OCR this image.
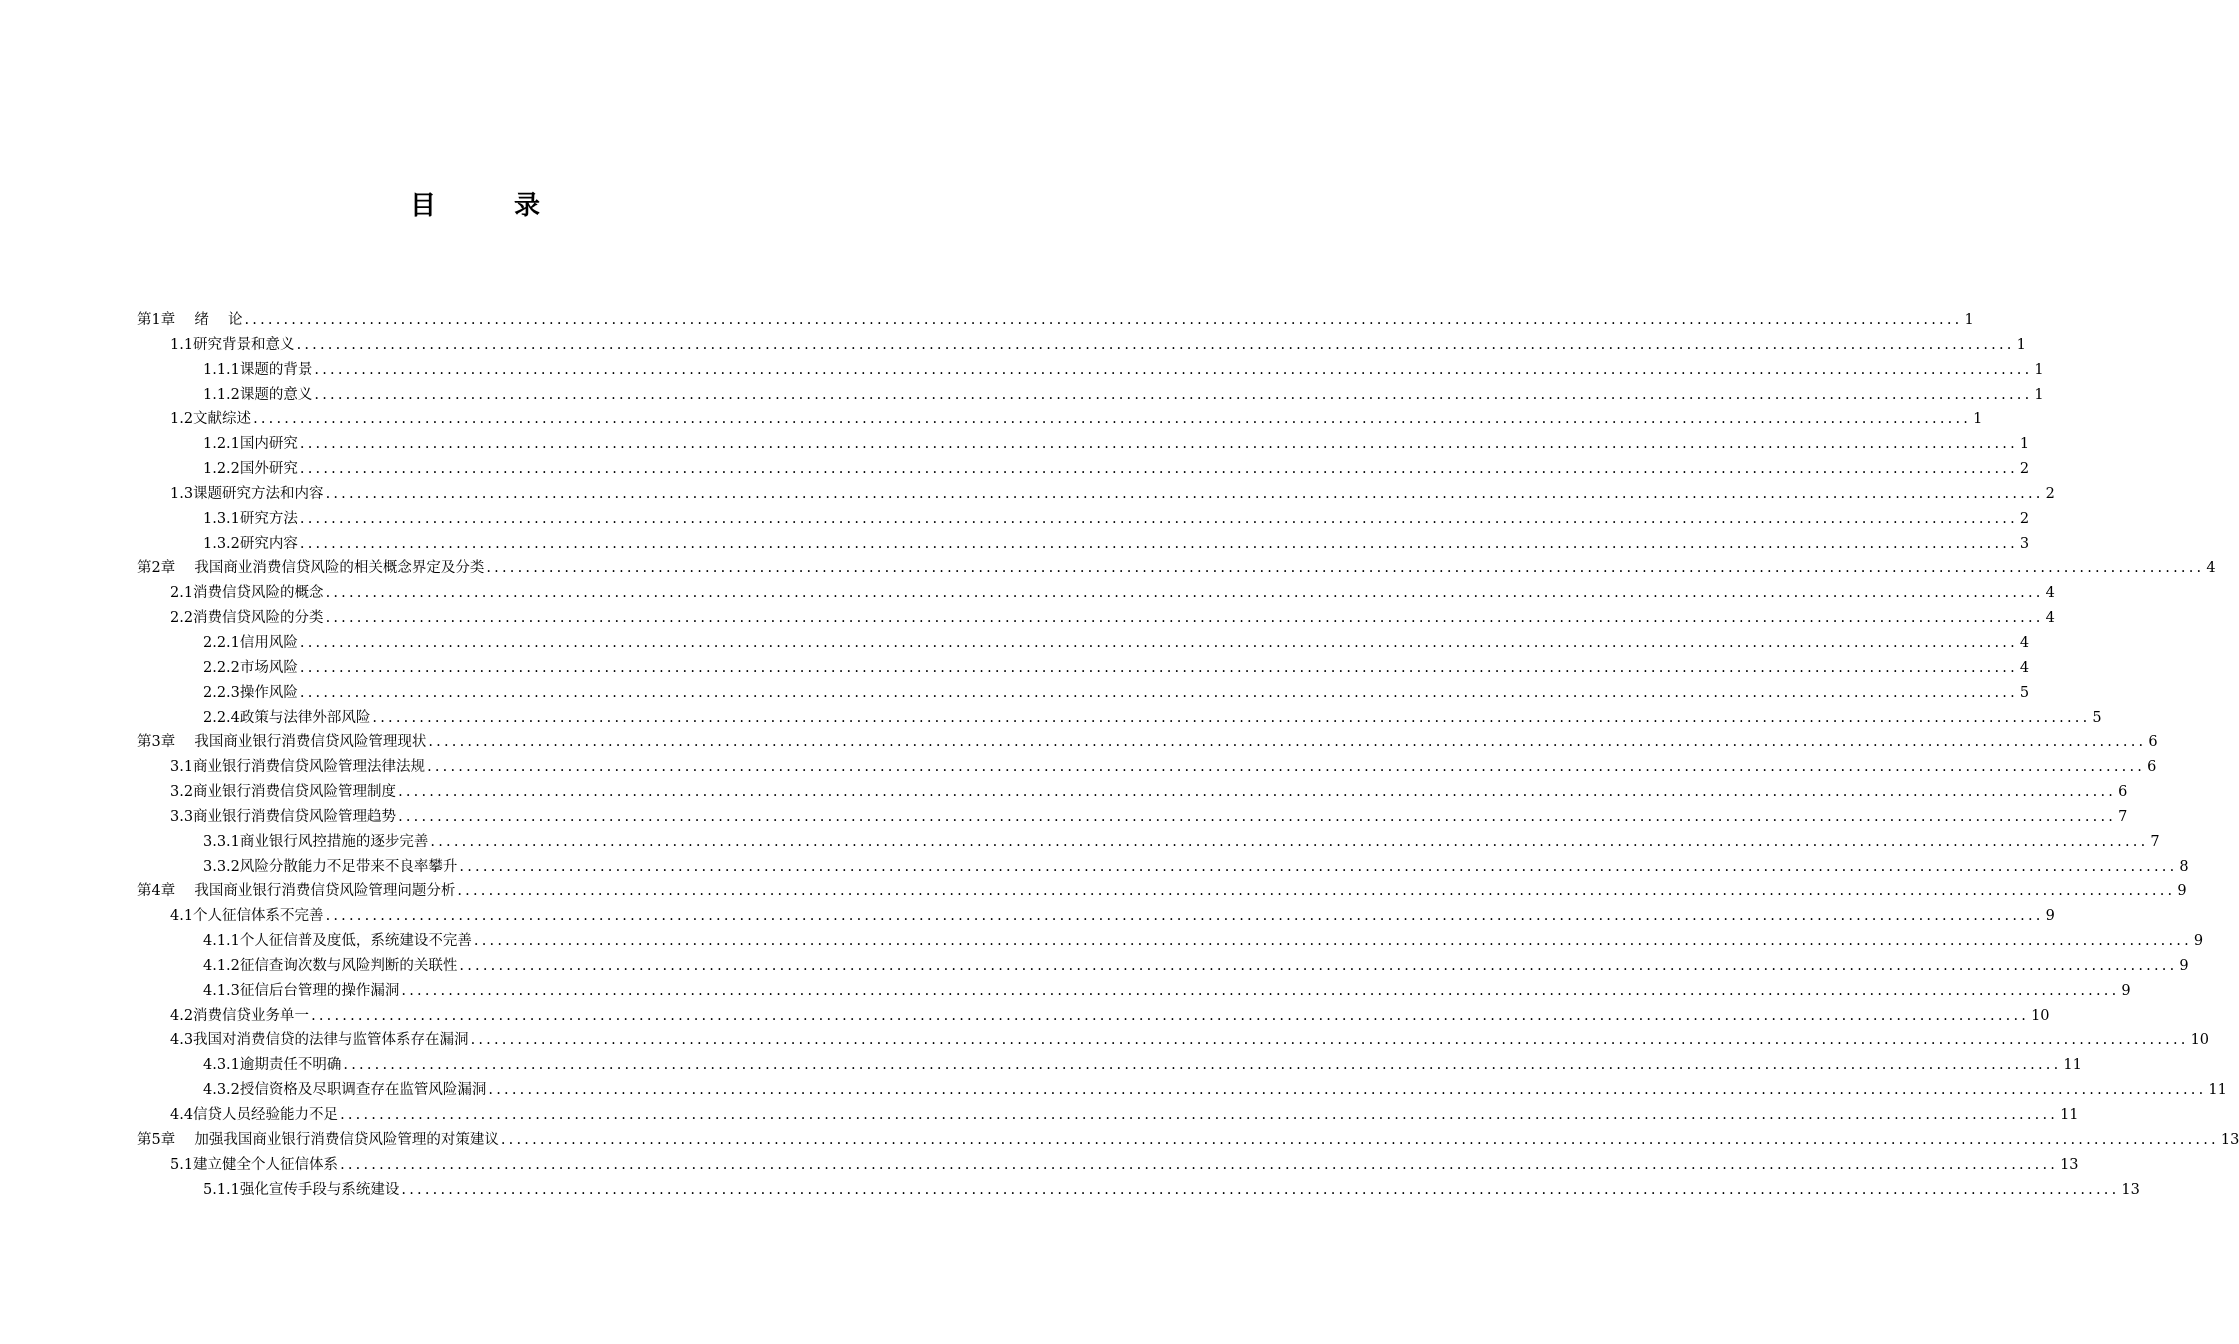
目　录
第1章　 绪　 论 ............................................................................................................................................................................................................................ 1
1.1研究背景和意义 ............................................................................................................................................................................................................................ 1
1.1.1课题的背景 ............................................................................................................................................................................................................................ 1
1.1.2课题的意义 ............................................................................................................................................................................................................................ 1
1.2文献综述 ............................................................................................................................................................................................................................ 1
1.2.1国内研究 ............................................................................................................................................................................................................................ 1
1.2.2国外研究 ............................................................................................................................................................................................................................ 2
1.3课题研究方法和内容 ............................................................................................................................................................................................................................ 2
1.3.1研究方法 ............................................................................................................................................................................................................................ 2
1.3.2研究内容 ............................................................................................................................................................................................................................ 3
第2章　 我国商业消费信贷风险的相关概念界定及分类 ............................................................................................................................................................................................................................ 4
2.1消费信贷风险的概念 ............................................................................................................................................................................................................................ 4
2.2消费信贷风险的分类 ............................................................................................................................................................................................................................ 4
2.2.1信用风险 ............................................................................................................................................................................................................................ 4
2.2.2市场风险 ............................................................................................................................................................................................................................ 4
2.2.3操作风险 ............................................................................................................................................................................................................................ 5
2.2.4政策与法律外部风险 ............................................................................................................................................................................................................................ 5
第3章　 我国商业银行消费信贷风险管理现状 ............................................................................................................................................................................................................................ 6
3.1商业银行消费信贷风险管理法律法规 ............................................................................................................................................................................................................................ 6
3.2商业银行消费信贷风险管理制度 ............................................................................................................................................................................................................................ 6
3.3商业银行消费信贷风险管理趋势 ............................................................................................................................................................................................................................ 7
3.3.1商业银行风控措施的逐步完善 ............................................................................................................................................................................................................................ 7
3.3.2风险分散能力不足带来不良率攀升 ............................................................................................................................................................................................................................ 8
第4章　 我国商业银行消费信贷风险管理问题分析 ............................................................................................................................................................................................................................ 9
4.1个人征信体系不完善 ............................................................................................................................................................................................................................ 9
4.1.1个人征信普及度低，系统建设不完善 ............................................................................................................................................................................................................................ 9
4.1.2征信查询次数与风险判断的关联性 ............................................................................................................................................................................................................................ 9
4.1.3征信后台管理的操作漏洞 ............................................................................................................................................................................................................................ 9
4.2消费信贷业务单一 ............................................................................................................................................................................................................................ 10
4.3我国对消费信贷的法律与监管体系存在漏洞 ............................................................................................................................................................................................................................ 10
4.3.1逾期责任不明确 ............................................................................................................................................................................................................................ 11
4.3.2授信资格及尽职调查存在监管风险漏洞 ............................................................................................................................................................................................................................ 11
4.4信贷人员经验能力不足 ............................................................................................................................................................................................................................ 11
第5章　 加强我国商业银行消费信贷风险管理的对策建议 ............................................................................................................................................................................................................................ 13
5.1建立健全个人征信体系 ............................................................................................................................................................................................................................ 13
5.1.1强化宣传手段与系统建设 ............................................................................................................................................................................................................................ 13
